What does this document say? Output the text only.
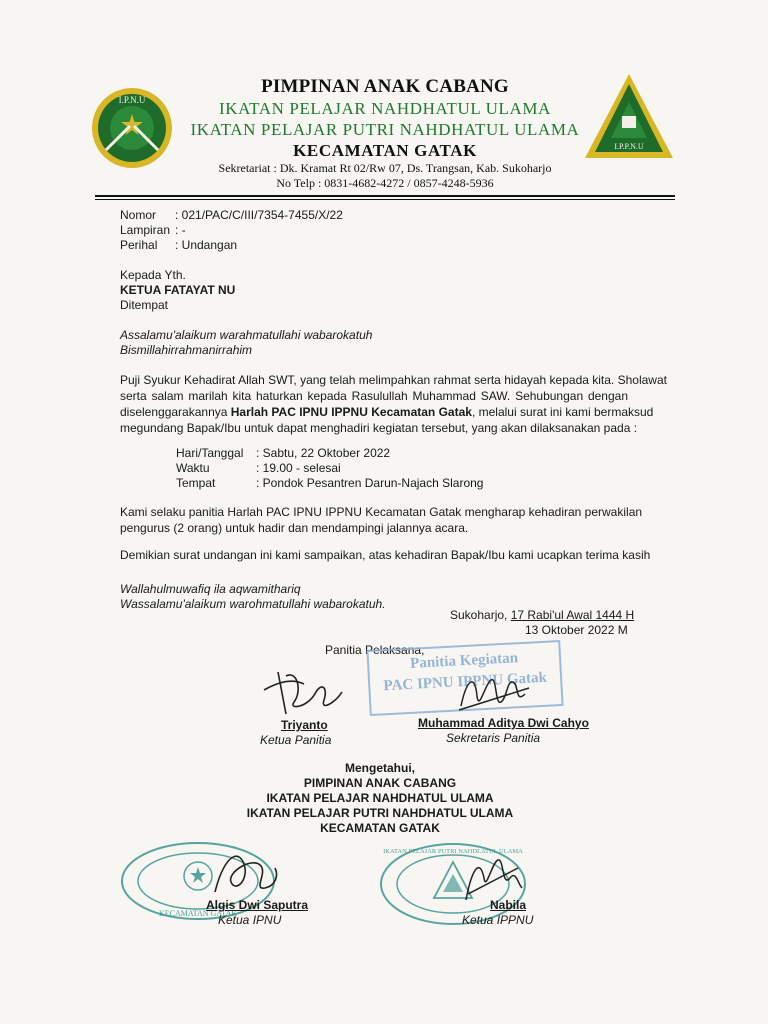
I.P.N.U
I.P.P.N.U
PIMPINAN ANAK CABANG
IKATAN PELAJAR NAHDHATUL ULAMA
IKATAN PELAJAR PUTRI NAHDHATUL ULAMA
KECAMATAN GATAK
Sekretariat : Dk. Kramat Rt 02/Rw 07, Ds. Trangsan, Kab. Sukoharjo
No Telp : 0831-4682-4272 / 0857-4248-5936
Nomor : 021/PAC/C/III/7354-7455/X/22
Lampiran : -
Perihal : Undangan
Kepada Yth.
KETUA FATAYAT NU
Ditempat
Assalamu'alaikum warahmatullahi wabarokatuh
Bismillahirrahmanirrahim
Puji Syukur Kehadirat Allah SWT, yang telah melimpahkan rahmat serta hidayah kepada kita. Sholawat
serta salam marilah kita haturkan kepada Rasulullah Muhammad SAW. Sehubungan dengan
diselenggarakannya Harlah PAC IPNU IPPNU Kecamatan Gatak, melalui surat ini kami bermaksud
megundang Bapak/Ibu untuk dapat menghadiri kegiatan tersebut, yang akan dilaksanakan pada :
Hari/Tanggal : Sabtu, 22 Oktober 2022
Waktu	: 19.00 - selesai
Tempat	: Pondok Pesantren Darun-Najach Slarong
Kami selaku panitia Harlah PAC IPNU IPPNU Kecamatan Gatak mengharap kehadiran perwakilan
pengurus (2 orang) untuk hadir dan mendampingi jalannya acara.
Demikian surat undangan ini kami sampaikan, atas kehadiran Bapak/Ibu kami ucapkan terima kasih
Wallahulmuwafiq ila aqwamithariq
Wassalamu'alaikum warohmatullahi wabarokatuh.
Sukoharjo, 17 Rabi'ul Awal 1444 H
13 Oktober 2022 M
Panitia Pelaksana,
Panitia Kegiatan
PAC IPNU IPPNU Gatak
Triyanto
Ketua Panitia
Muhammad Aditya Dwi Cahyo
Sekretaris Panitia
Mengetahui,
PIMPINAN ANAK CABANG
IKATAN PELAJAR NAHDHATUL ULAMA
IKATAN PELAJAR PUTRI NAHDHATUL ULAMA
KECAMATAN GATAK
KECAMATAN GATAK
IKATAN PELAJAR PUTRI NAHDLATUL ULAMA
Algis Dwi Saputra
Ketua IPNU
Nabila
Ketua IPPNU
